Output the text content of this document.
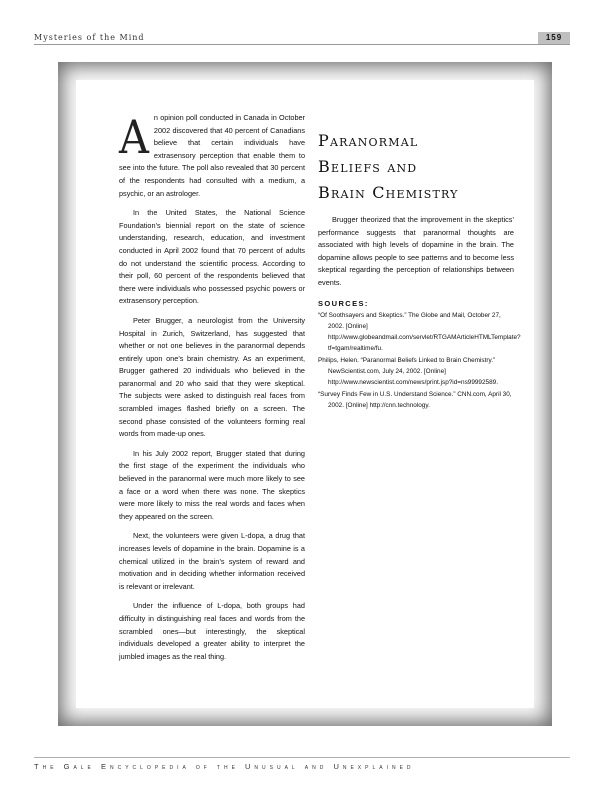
Mysteries of the Mind	159

A n opinion poll conducted in Canada in October 2002 discovered that 40 percent of Canadians believe that certain individuals have extrasensory perception that enable them to see into the future. The poll also revealed that 30 percent of the respondents had consulted with a medium, a psychic, or an astrologer.

In the United States, the National Science Foundation’s biennial report on the state of science understanding, research, education, and investment conducted in April 2002 found that 70 percent of adults do not understand the scientific process. According to their poll, 60 percent of the respondents believed that there were individuals who possessed psychic powers or extrasensory perception.

Peter Brugger, a neurologist from the University Hospital in Zurich, Switzerland, has suggested that whether or not one believes in the paranormal depends entirely upon one’s brain chemistry. As an experiment, Brugger gathered 20 individuals who believed in the paranormal and 20 who said that they were skeptical. The subjects were asked to distinguish real faces from scrambled images flashed briefly on a screen. The second phase consisted of the volunteers forming real words from made-up ones.

In his July 2002 report, Brugger stated that during the first stage of the experiment the individuals who believed in the paranormal were much more likely to see a face or a word when there was none. The skeptics were more likely to miss the real words and faces when they appeared on the screen.

Next, the volunteers were given L-dopa, a drug that increases levels of dopamine in the brain. Dopamine is a chemical utilized in the brain’s system of reward and motivation and in deciding whether information received is relevant or irrelevant.

Under the influence of L-dopa, both groups had difficulty in distinguishing real faces and words from the scrambled ones—but interestingly, the skeptical individuals developed a greater ability to interpret the jumbled images as the real thing.

Paranormal
Beliefs and
Brain Chemistry

Brugger theorized that the improvement in the skeptics’ performance suggests that paranormal thoughts are associated with high levels of dopamine in the brain. The dopamine allows people to see patterns and to become less skeptical regarding the perception of relationships between events.

SOURCES:
“Of Soothsayers and Skeptics.” The Globe and Mail, October 27, 2002. [Online] http://www.globeandmail.com/servlet/RTGAMArticleHTMLTemplate?tf=tgam/realtime/fu.
Philips, Helen. “Paranormal Beliefs Linked to Brain Chemistry.” NewScientist.com, July 24, 2002. [Online] http://www.newscientist.com/news/print.jsp?id=ns99992589.
“Survey Finds Few in U.S. Understand Science.” CNN.com, April 30, 2002. [Online] http://cnn.technology.
The Gale Encyclopedia of the Unusual and Unexplained
